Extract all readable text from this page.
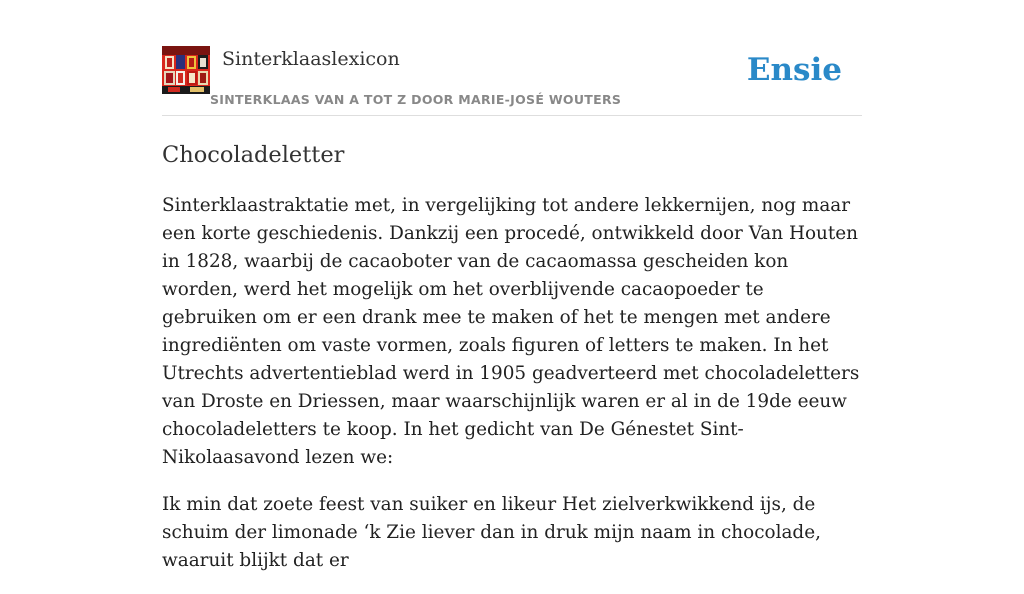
Sinterklaaslexicon
SINTERKLAAS VAN A TOT Z DOOR MARIE-JOSÉ WOUTERS
Ensie
Chocoladeletter

Sinterklaastraktatie met, in vergelijking tot andere lekkernijen, nog maar een korte geschiedenis. Dankzij een procedé, ontwikkeld door Van Houten in 1828, waarbij de cacaoboter van de cacaomassa gescheiden kon worden, werd het mogelijk om het overblijvende cacaopoeder te gebruiken om er een drank mee te maken of het te mengen met andere ingrediënten om vaste vormen, zoals figuren of letters te maken. In het Utrechts advertentieblad werd in 1905 geadverteerd met chocoladeletters van Droste en Driessen, maar waarschijnlijk waren er al in de 19de eeuw chocoladeletters te koop. In het gedicht van De Génestet Sint-Nikolaasavond lezen we:

Ik min dat zoete feest van suiker en likeur Het zielverkwikkend ijs, de schuim der limonade ‘k Zie liever dan in druk mijn naam in chocolade, waaruit blijkt dat er
